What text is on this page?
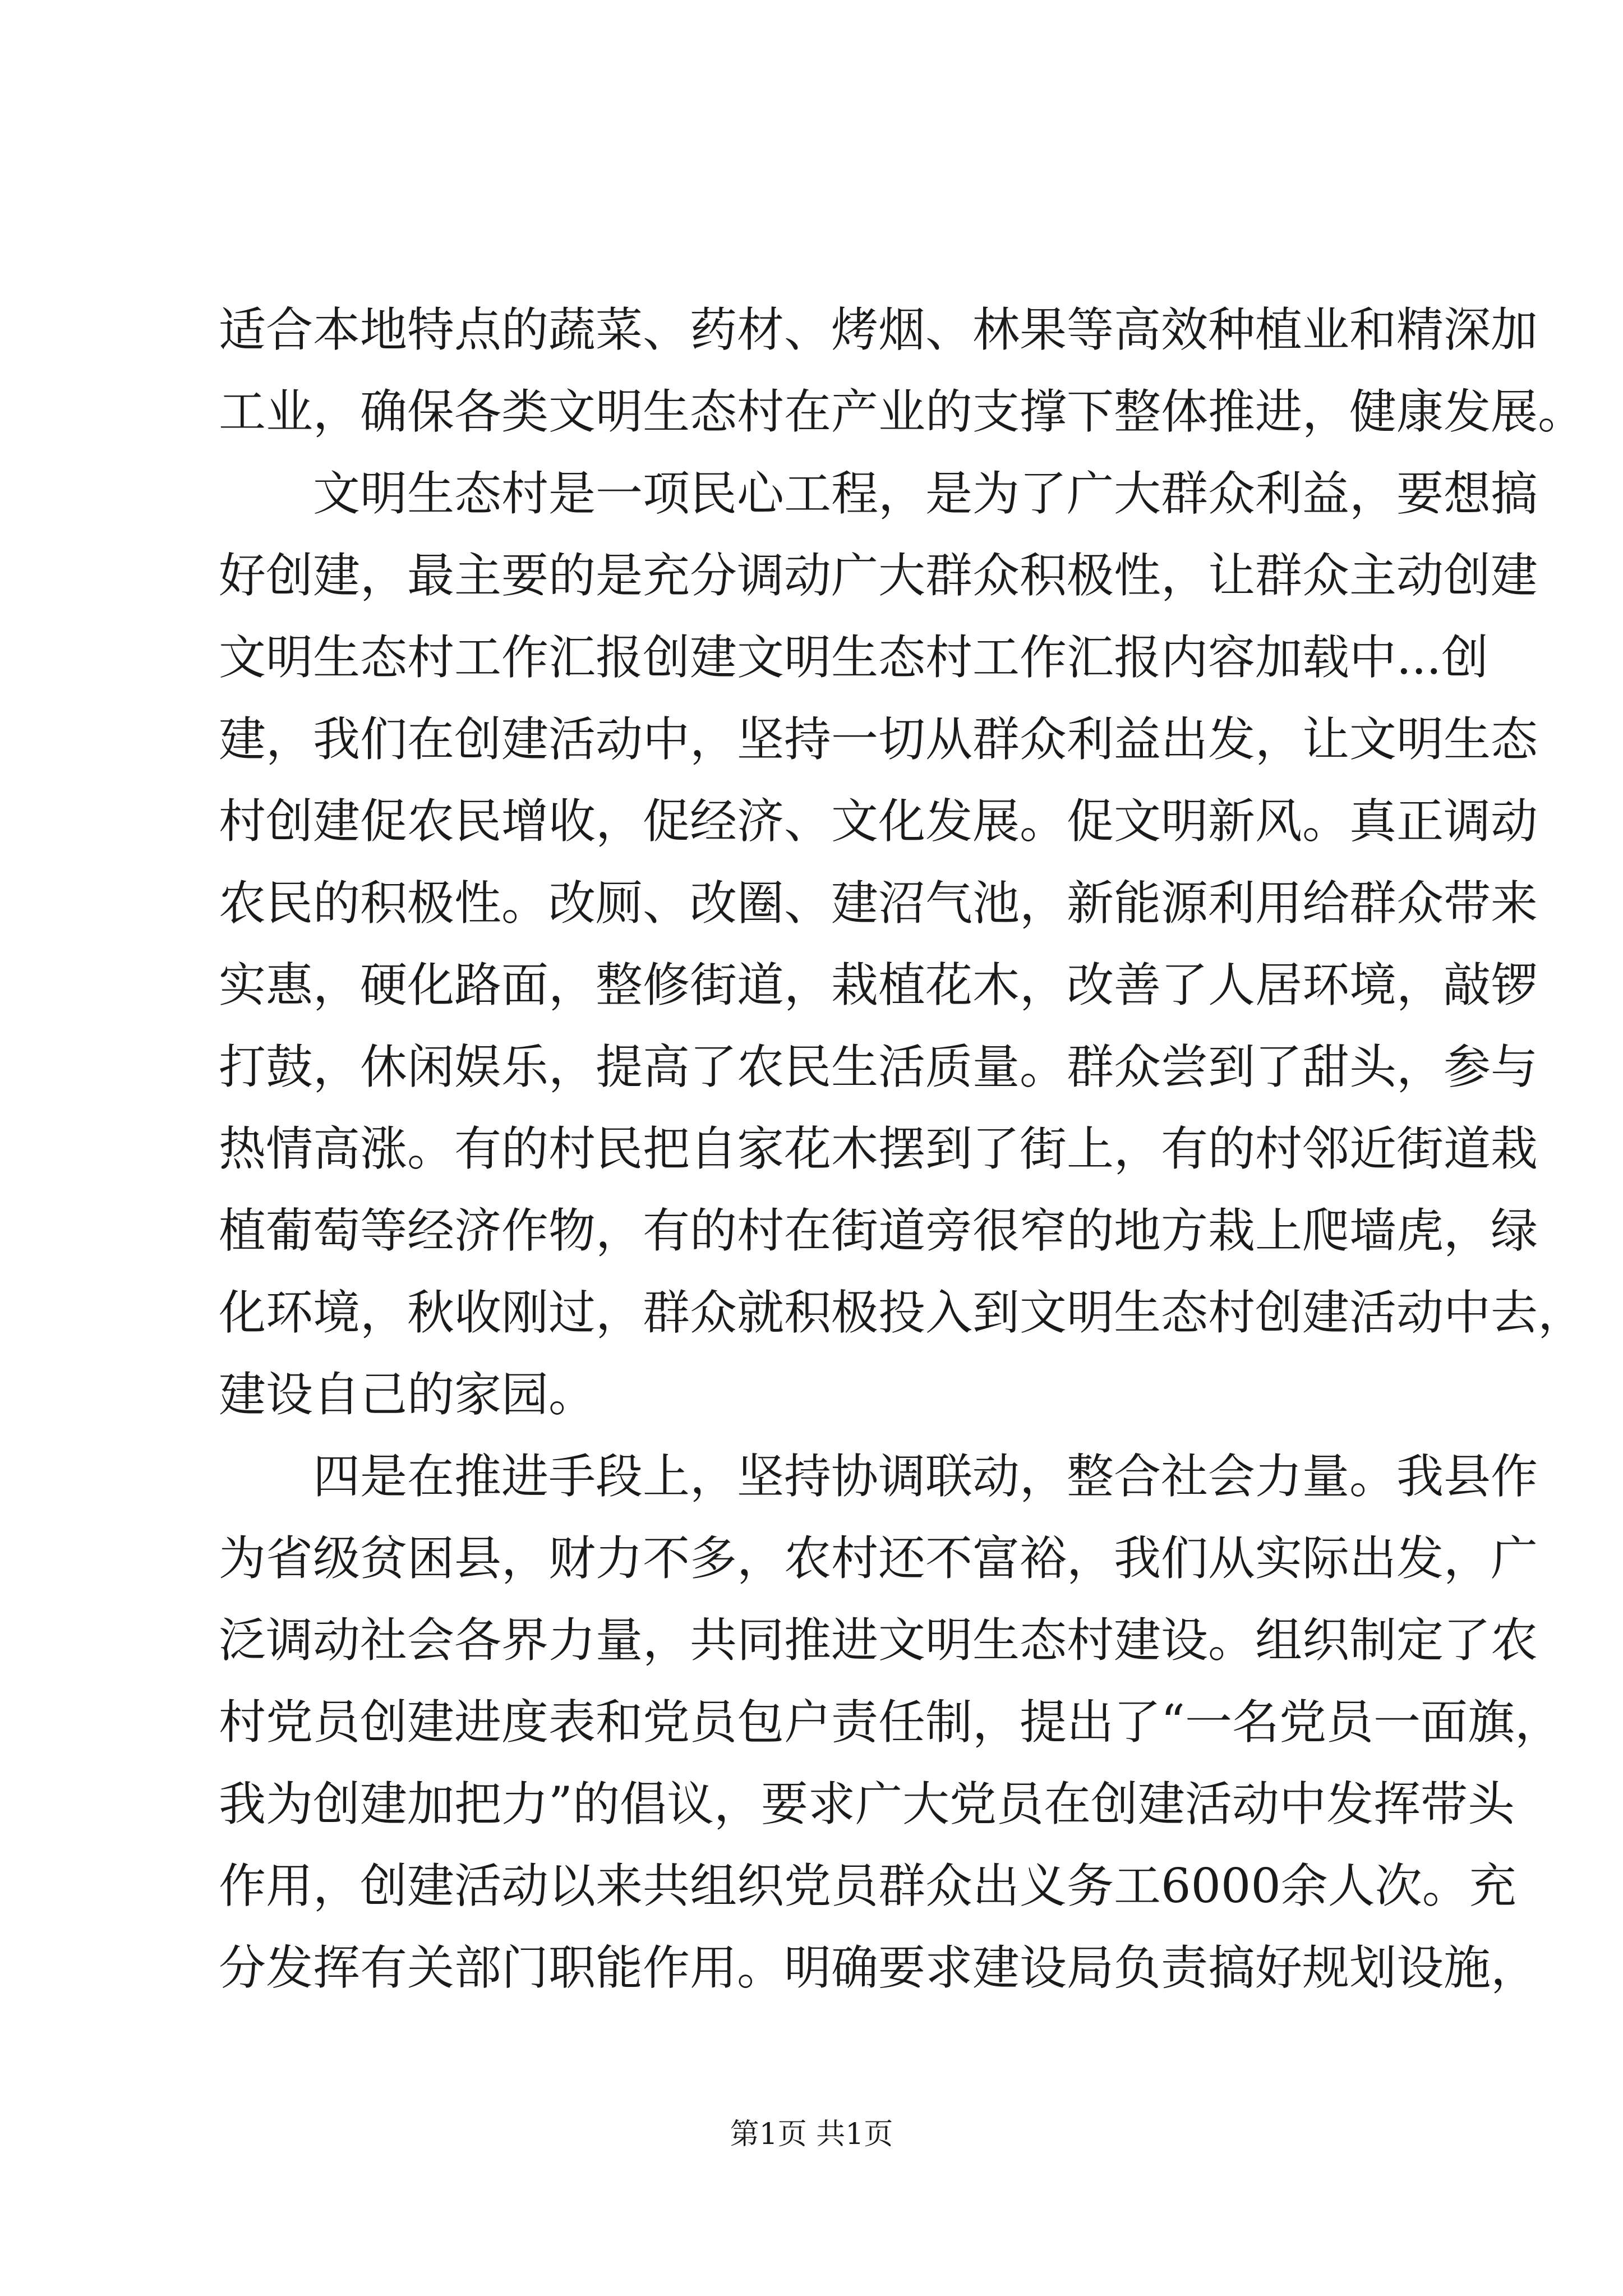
适合本地特点的蔬菜、药材、烤烟、林果等高效种植业和精深加
工业，确保各类文明生态村在产业的支撑下整体推进，健康发展。
文明生态村是一项民心工程，是为了广大群众利益，要想搞
好创建，最主要的是充分调动广大群众积极性，让群众主动创建
文明生态村工作汇报创建文明生态村工作汇报内容加载中...创
建，我们在创建活动中，坚持一切从群众利益出发，让文明生态
村创建促农民增收，促经济、文化发展。促文明新风。真正调动
农民的积极性。改厕、改圈、建沼气池，新能源利用给群众带来
实惠，硬化路面，整修街道，栽植花木，改善了人居环境，敲锣
打鼓，休闲娱乐，提高了农民生活质量。群众尝到了甜头，参与
热情高涨。有的村民把自家花木摆到了街上，有的村邻近街道栽
植葡萄等经济作物，有的村在街道旁很窄的地方栽上爬墙虎，绿
化环境，秋收刚过，群众就积极投入到文明生态村创建活动中去，
建设自己的家园。
四是在推进手段上，坚持协调联动，整合社会力量。我县作
为省级贫困县，财力不多，农村还不富裕，我们从实际出发，广
泛调动社会各界力量，共同推进文明生态村建设。组织制定了农
村党员创建进度表和党员包户责任制，提出了“一名党员一面旗，
我为创建加把力”的倡议，要求广大党员在创建活动中发挥带头
作用，创建活动以来共组织党员群众出义务工6000余人次。充
分发挥有关部门职能作用。明确要求建设局负责搞好规划设施，
第1页 共1页
